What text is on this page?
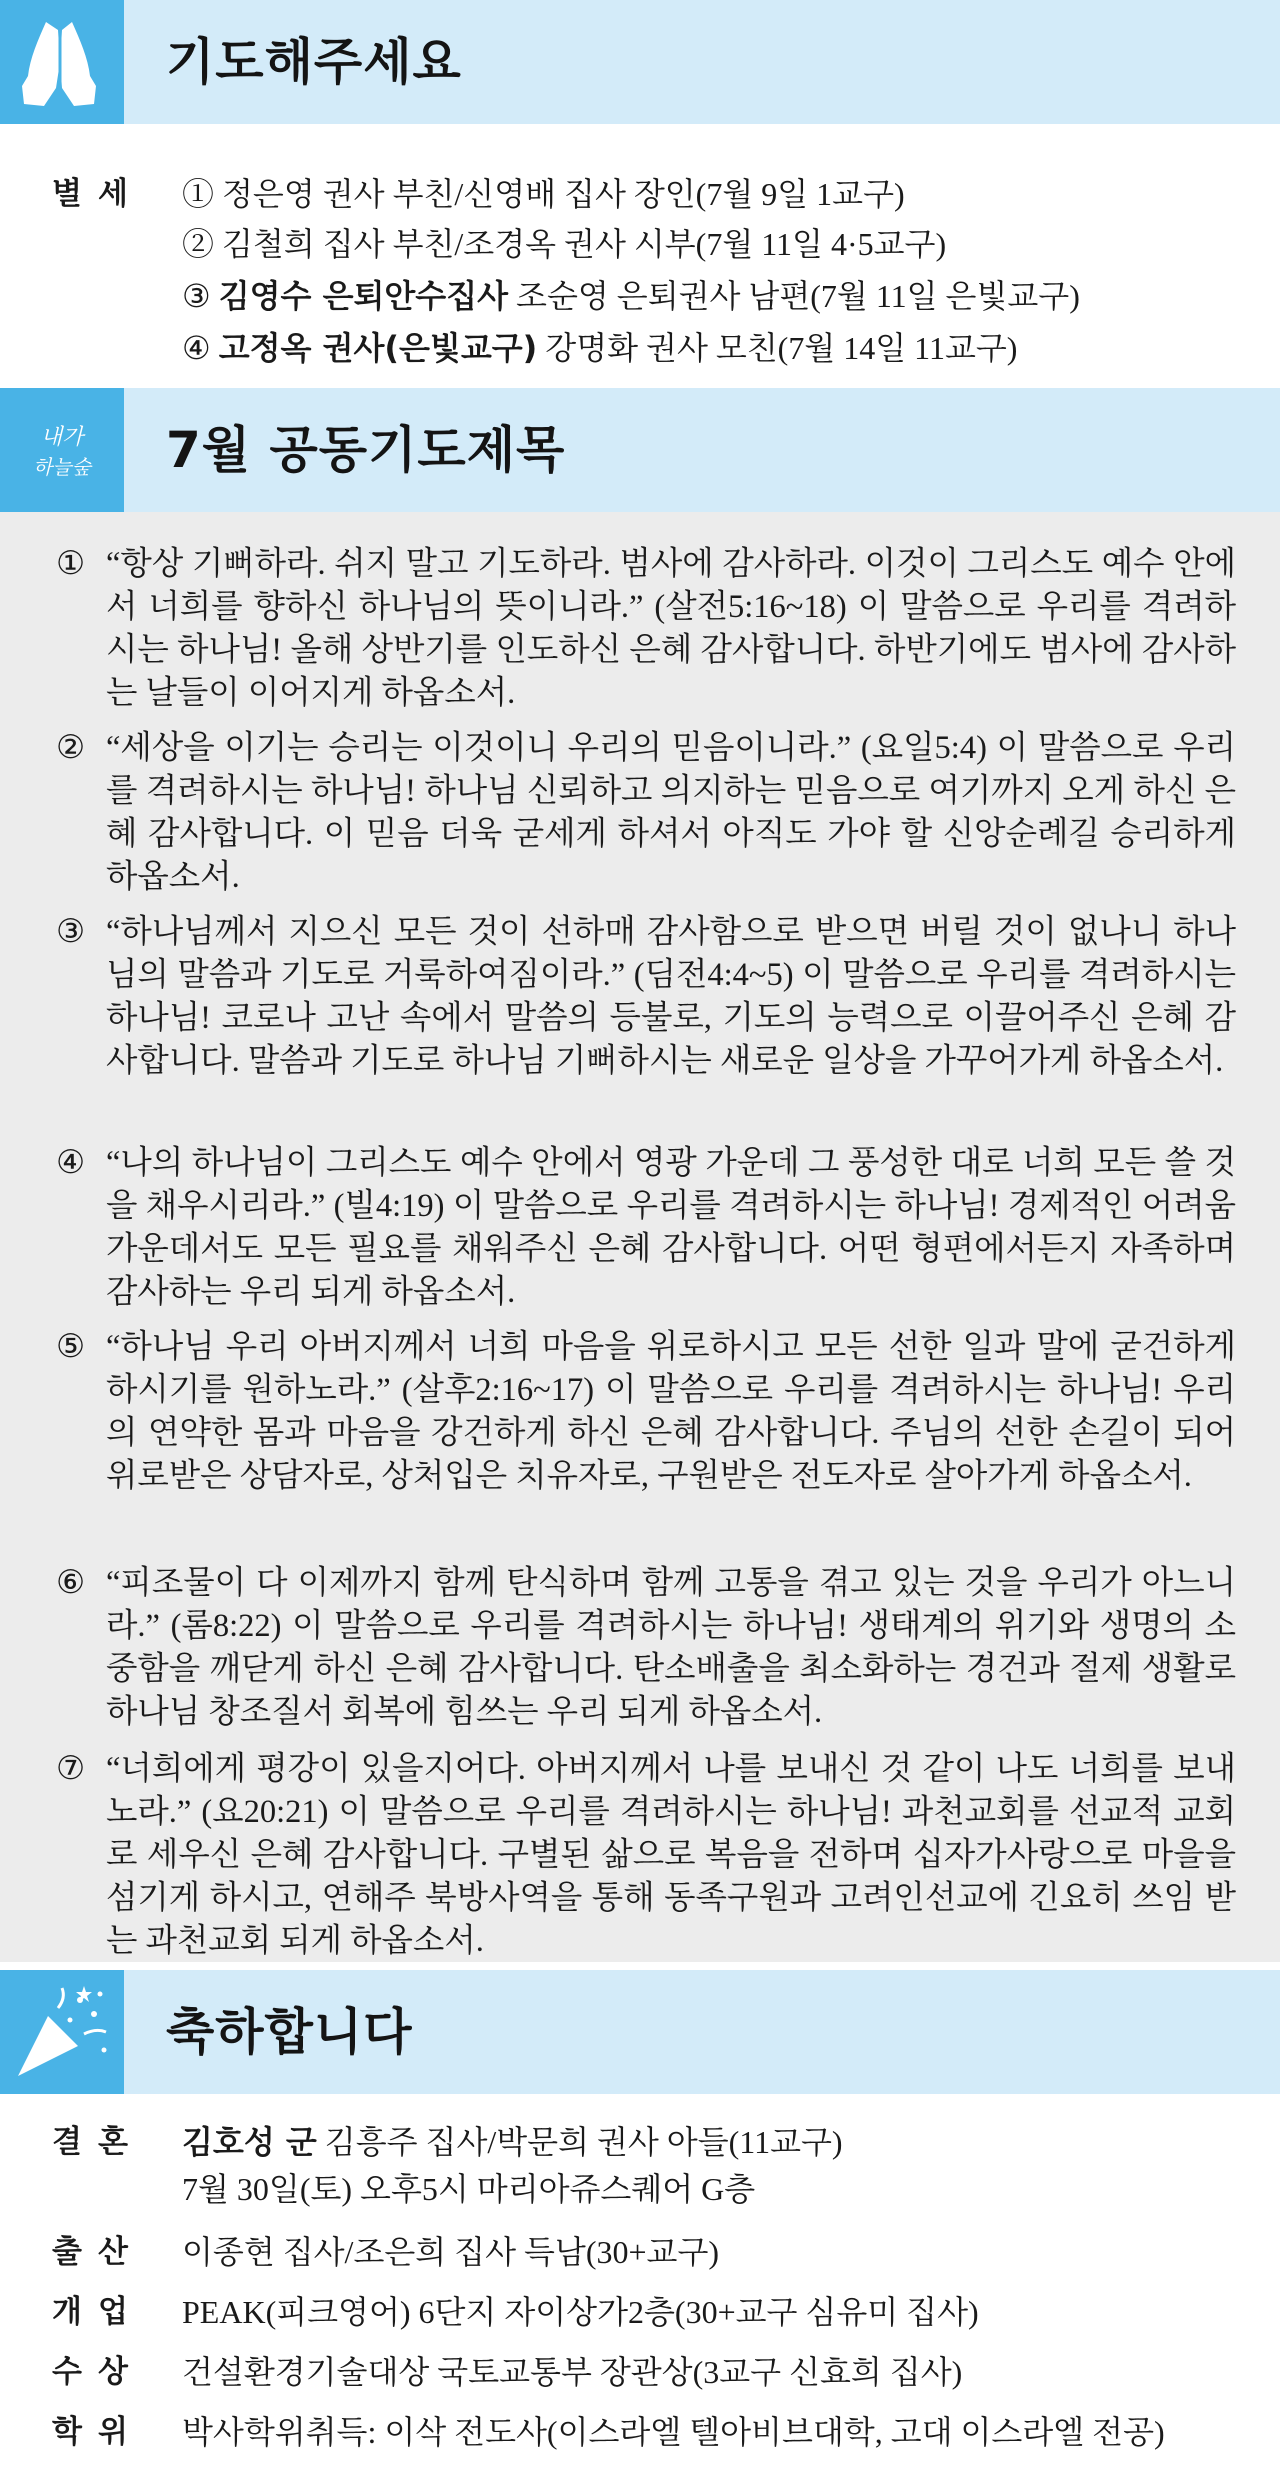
기도해주세요
별세 ① 정은영 권사 부친/신영배 집사 장인(7월 9일 1교구)
② 김철희 집사 부친/조경옥 권사 시부(7월 11일 4·5교구)
③ 김영수 은퇴안수집사 조순영 은퇴권사 남편(7월 11일 은빛교구)
④ 고정옥 권사(은빛교구) 강명화 권사 모친(7월 14일 11교구)
내가
하늘숲 7월 공동기도제목
① “항상 기뻐하라. 쉬지 말고 기도하라. 범사에 감사하라. 이것이 그리스도 예수 안에서 너희를 향하신 하나님의 뜻이니라.” (살전5:16~18) 이 말씀으로 우리를 격려하시는 하나님! 올해 상반기를 인도하신 은혜 감사합니다. 하반기에도 범사에 감사하는 날들이 이어지게 하옵소서.
② “세상을 이기는 승리는 이것이니 우리의 믿음이니라.” (요일5:4) 이 말씀으로 우리를 격려하시는 하나님! 하나님 신뢰하고 의지하는 믿음으로 여기까지 오게 하신 은혜 감사합니다. 이 믿음 더욱 굳세게 하셔서 아직도 가야 할 신앙순례길 승리하게 하옵소서.
③ “하나님께서 지으신 모든 것이 선하매 감사함으로 받으면 버릴 것이 없나니 하나님의 말씀과 기도로 거룩하여짐이라.” (딤전4:4~5) 이 말씀으로 우리를 격려하시는 하나님! 코로나 고난 속에서 말씀의 등불로, 기도의 능력으로 이끌어주신 은혜 감사합니다. 말씀과 기도로 하나님 기뻐하시는 새로운 일상을 가꾸어가게 하옵소서.
④ “나의 하나님이 그리스도 예수 안에서 영광 가운데 그 풍성한 대로 너희 모든 쓸 것을 채우시리라.” (빌4:19) 이 말씀으로 우리를 격려하시는 하나님! 경제적인 어려움 가운데서도 모든 필요를 채워주신 은혜 감사합니다. 어떤 형편에서든지 자족하며 감사하는 우리 되게 하옵소서.
⑤ “하나님 우리 아버지께서 너희 마음을 위로하시고 모든 선한 일과 말에 굳건하게 하시기를 원하노라.” (살후2:16~17) 이 말씀으로 우리를 격려하시는 하나님! 우리의 연약한 몸과 마음을 강건하게 하신 은혜 감사합니다. 주님의 선한 손길이 되어 위로받은 상담자로, 상처입은 치유자로, 구원받은 전도자로 살아가게 하옵소서.
⑥ “피조물이 다 이제까지 함께 탄식하며 함께 고통을 겪고 있는 것을 우리가 아느니라.” (롬8:22) 이 말씀으로 우리를 격려하시는 하나님! 생태계의 위기와 생명의 소중함을 깨닫게 하신 은혜 감사합니다. 탄소배출을 최소화하는 경건과 절제 생활로 하나님 창조질서 회복에 힘쓰는 우리 되게 하옵소서.
⑦ “너희에게 평강이 있을지어다. 아버지께서 나를 보내신 것 같이 나도 너희를 보내노라.” (요20:21) 이 말씀으로 우리를 격려하시는 하나님! 과천교회를 선교적 교회로 세우신 은혜 감사합니다. 구별된 삶으로 복음을 전하며 십자가사랑으로 마을을 섬기게 하시고, 연해주 북방사역을 통해 동족구원과 고려인선교에 긴요히 쓰임 받는 과천교회 되게 하옵소서.
축하합니다
결혼 김호성 군 김흥주 집사/박문희 권사 아들(11교구)
7월 30일(토) 오후5시 마리아쥬스퀘어 G층
출산 이종현 집사/조은희 집사 득남(30+교구)
개업 PEAK(피크영어) 6단지 자이상가2층(30+교구 심유미 집사)
수상 건설환경기술대상 국토교통부 장관상(3교구 신효희 집사)
학위 박사학위취득: 이삭 전도사(이스라엘 텔아비브대학, 고대 이스라엘 전공)
